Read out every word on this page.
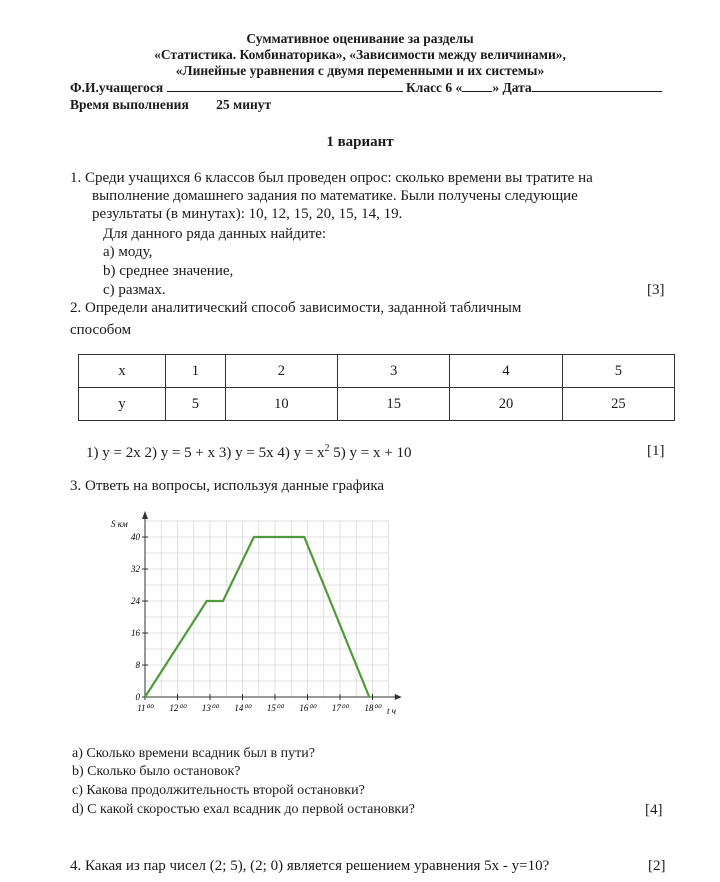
Суммативное оценивание за разделы
«Статистика. Комбинаторика», «Зависимости между величинами»,
«Линейные уравнения с двумя переменными и их системы»
Ф.И.учащегося	Класс 6 « » Дата
Время выполнения 25 минут
1 вариант
1. Среди учащихся 6 классов был проведен опрос: сколько времени вы тратите на
выполнение домашнего задания по математике. Были получены следующие
результаты (в минутах): 10, 12, 15, 20, 15, 14, 19.
Для данного ряда данных найдите:
a) моду,
b) среднее значение,
c) размах.	[3]
2. Определи аналитический способ зависимости, заданной табличным
способом
x	1	2	3	4	5
y	5	10	15	20	25
1) y = 2x 2) y = 5 + x 3) y = 5x 4) $y = x^2$ 5) y = x + 10	[1]
3. Ответь на вопросы, используя данные графика
0
8
16
24
32
40
11⁰⁰ 12⁰⁰ 13⁰⁰ 14⁰⁰ 15⁰⁰ 16⁰⁰ 17⁰⁰ 18⁰⁰
S км
t ч
a) Сколько времени всадник был в пути?
b) Сколько было остановок?
c) Какова продолжительность второй остановки?
d) С какой скоростью ехал всадник до первой остановки?	[4]
4. Какая из пар чисел (2; 5), (2; 0) является решением уравнения 5x - y=10?	[2]
